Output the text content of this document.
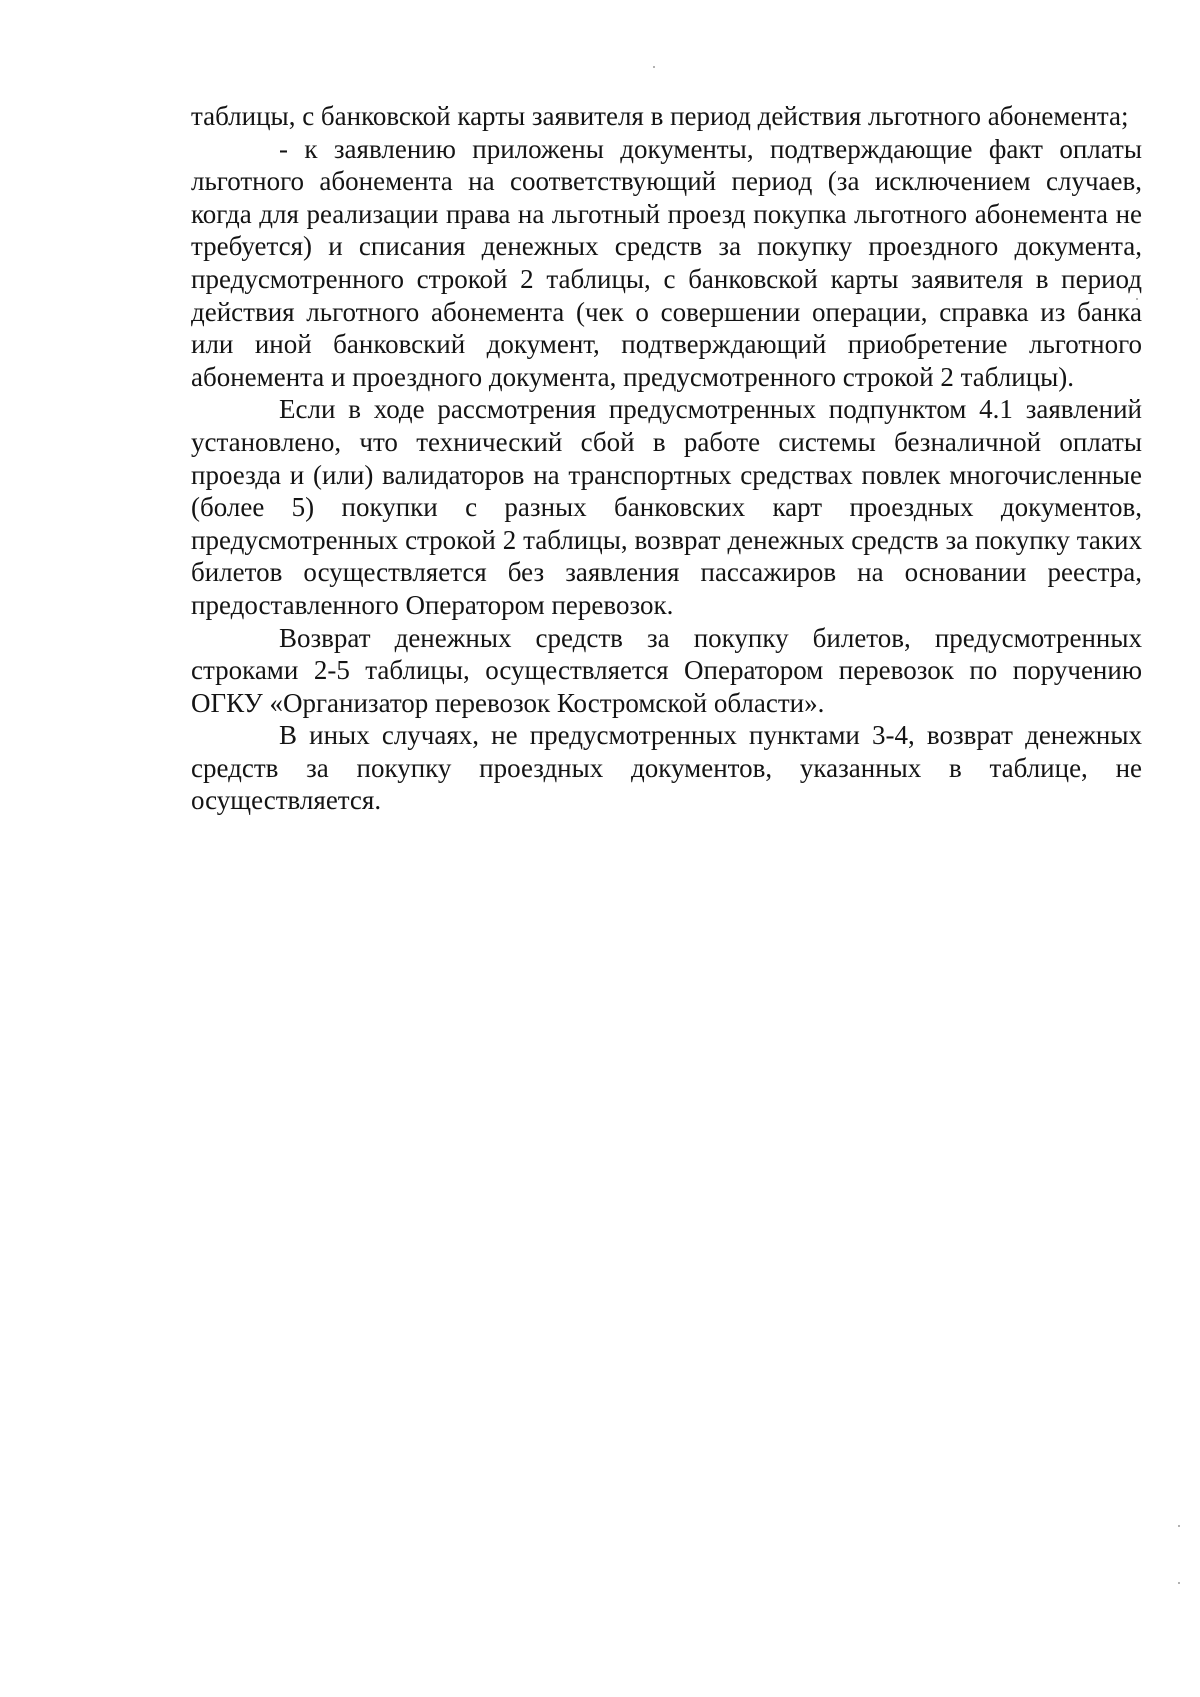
таблицы, с банковской карты заявителя в период действия льготного абонемента;

- к заявлению приложены документы, подтверждающие факт оплаты льготного абонемента на соответствующий период (за исключением случаев, когда для реализации права на льготный проезд покупка льготного абонемента не требуется) и списания денежных средств за покупку проездного документа, предусмотренного строкой 2 таблицы, с банковской карты заявителя в период действия льготного абонемента (чек о совершении операции, справка из банка или иной банковский документ, подтверждающий приобретение льготного абонемента и проездного документа, предусмотренного строкой 2 таблицы).

Если в ходе рассмотрения предусмотренных подпунктом 4.1 заявлений установлено, что технический сбой в работе системы безналичной оплаты проезда и (или) валидаторов на транспортных средствах повлек многочисленные (более 5) покупки с разных банковских карт проездных документов, предусмотренных строкой 2 таблицы, возврат денежных средств за покупку таких билетов осуществляется без заявления пассажиров на основании реестра, предоставленного Оператором перевозок.

Возврат денежных средств за покупку билетов, предусмотренных строками 2-5 таблицы, осуществляется Оператором перевозок по поручению ОГКУ «Организатор перевозок Костромской области».

В иных случаях, не предусмотренных пунктами 3-4, возврат денежных средств за покупку проездных документов, указанных в таблице, не осуществляется.
